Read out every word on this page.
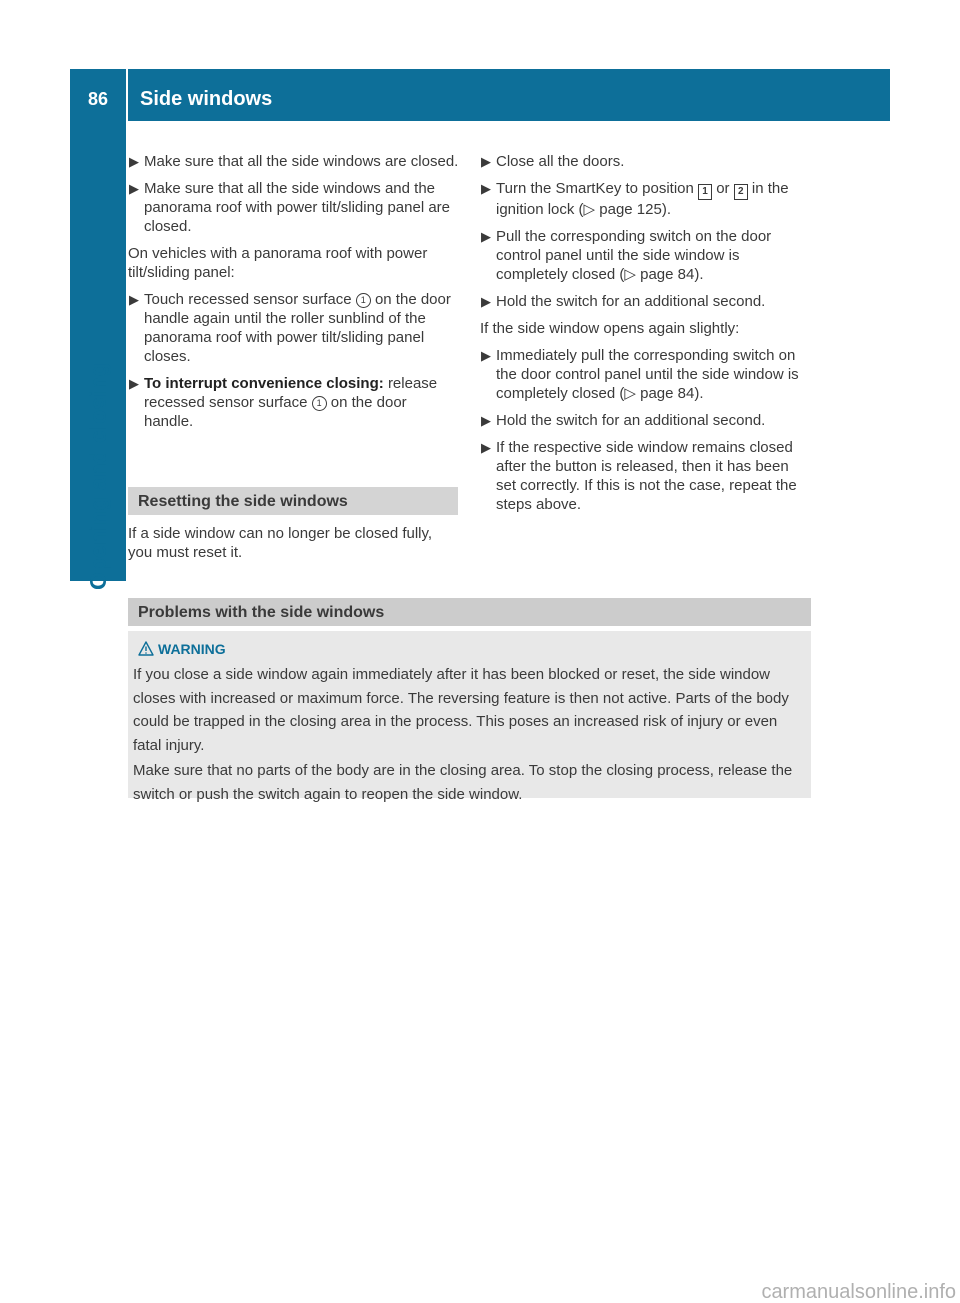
86	Side windows
Opening and closing
▶ Make sure that all the side windows are closed.
▶ Make sure that all the side windows and the panorama roof with power tilt/sliding panel are closed.

On vehicles with a panorama roof with power tilt/sliding panel:

▶ Touch recessed sensor surface 1 on the door handle again until the roller sunblind of the panorama roof with power tilt/sliding panel closes.
▶ To interrupt convenience closing: release recessed sensor surface 1 on the door handle.
Resetting the side windows

If a side window can no longer be closed fully, you must reset it.

▶ Close all the doors.
▶ Turn the SmartKey to position 1 or 2 in the ignition lock (▷ page 125).
▶ Pull the corresponding switch on the door control panel until the side window is completely closed (▷ page 84).
▶ Hold the switch for an additional second.

If the side window opens again slightly:

▶ Immediately pull the corresponding switch on the door control panel until the side window is completely closed (▷ page 84).
▶ Hold the switch for an additional second.
▶ If the respective side window remains closed after the button is released, then it has been set correctly. If this is not the case, repeat the steps above.
Problems with the side windows
WARNING

If you close a side window again immediately after it has been blocked or reset, the side window closes with increased or maximum force. The reversing feature is then not active. Parts of the body could be trapped in the closing area in the process. This poses an increased risk of injury or even fatal injury.

Make sure that no parts of the body are in the closing area. To stop the closing process, release the switch or push the switch again to reopen the side window.

carmanualsonline.info
